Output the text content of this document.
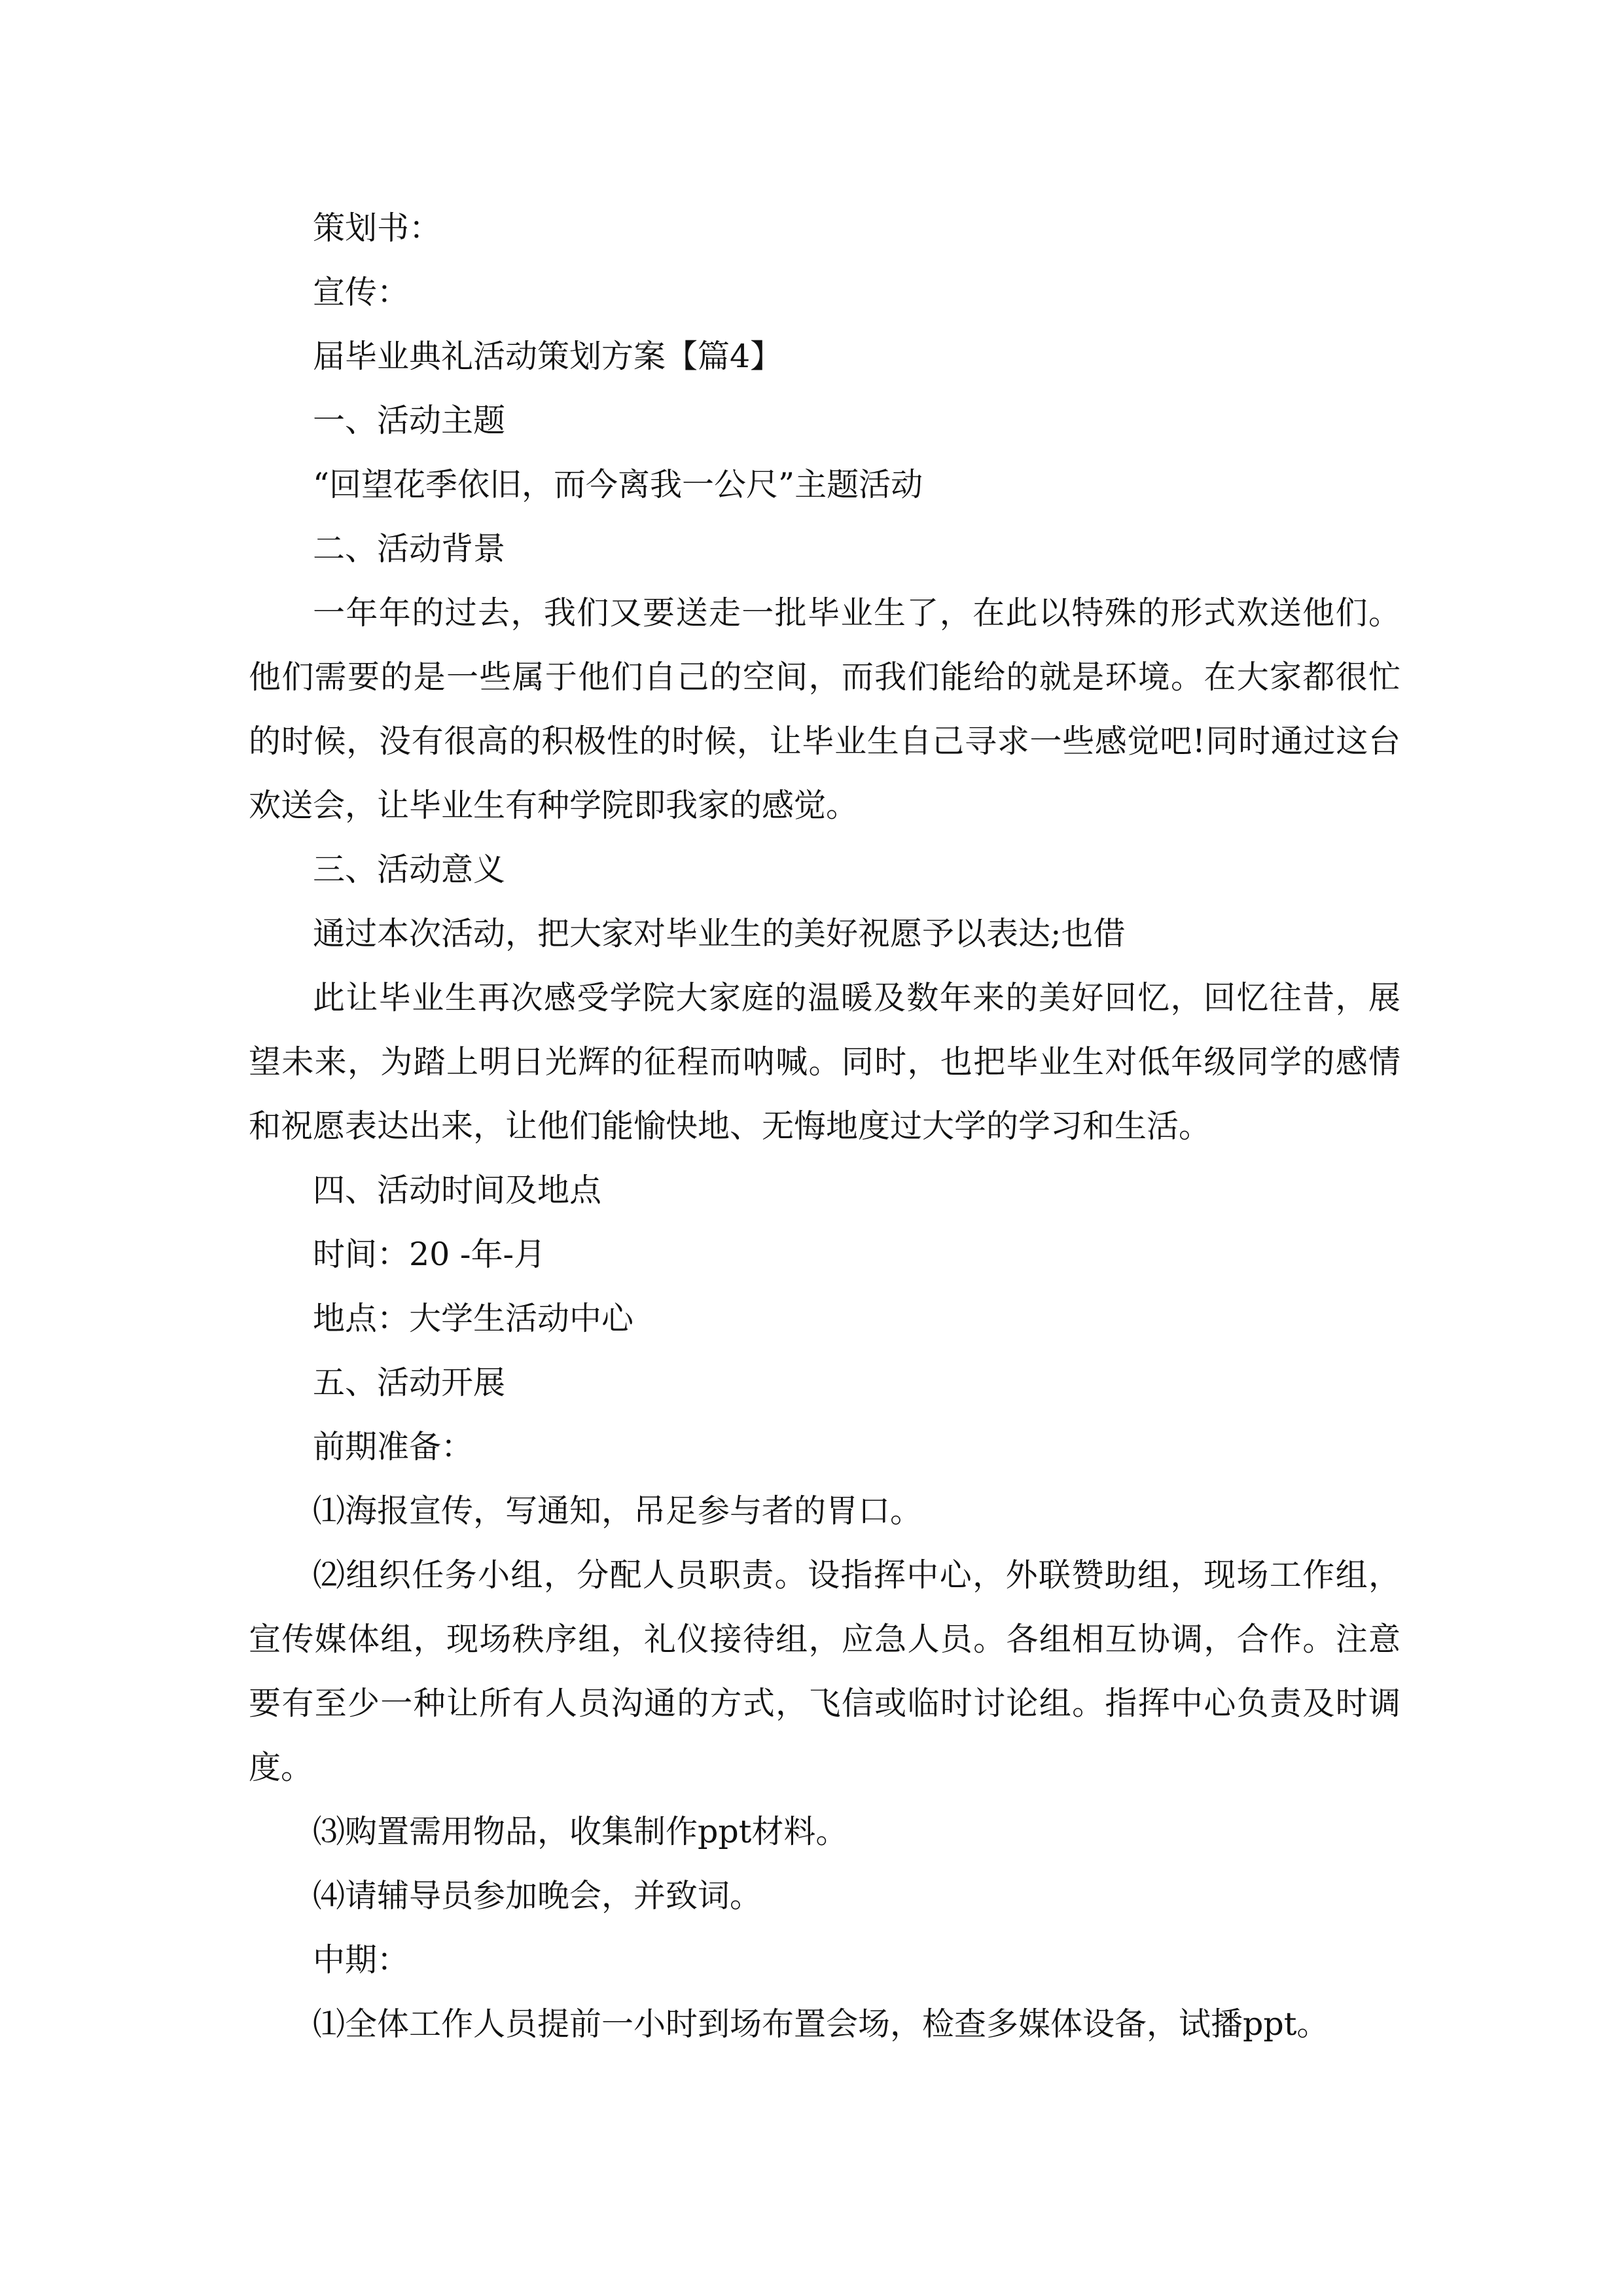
策划书：

宣传：

届毕业典礼活动策划方案【篇4】

一、活动主题

“回望花季依旧，而今离我一公尺”主题活动

二、活动背景

一年年的过去，我们又要送走一批毕业生了，在此以特殊的形式欢送他们。他们需要的是一些属于他们自己的空间，而我们能给的就是环境。在大家都很忙的时候，没有很高的积极性的时候，让毕业生自己寻求一些感觉吧!同时通过这台欢送会，让毕业生有种学院即我家的感觉。

三、活动意义

通过本次活动，把大家对毕业生的美好祝愿予以表达;也借

此让毕业生再次感受学院大家庭的温暖及数年来的美好回忆，回忆往昔，展望未来，为踏上明日光辉的征程而呐喊。同时，也把毕业生对低年级同学的感情和祝愿表达出来，让他们能愉快地、无悔地度过大学的学习和生活。

四、活动时间及地点

时间：20 -年-月

地点：大学生活动中心

五、活动开展

前期准备：

⑴海报宣传，写通知，吊足参与者的胃口。

⑵组织任务小组，分配人员职责。设指挥中心，外联赞助组，现场工作组，宣传媒体组，现场秩序组，礼仪接待组，应急人员。各组相互协调，合作。注意要有至少一种让所有人员沟通的方式，飞信或临时讨论组。指挥中心负责及时调度。

⑶购置需用物品，收集制作ppt材料。

⑷请辅导员参加晚会，并致词。

中期：

⑴全体工作人员提前一小时到场布置会场，检查多媒体设备，试播ppt。
